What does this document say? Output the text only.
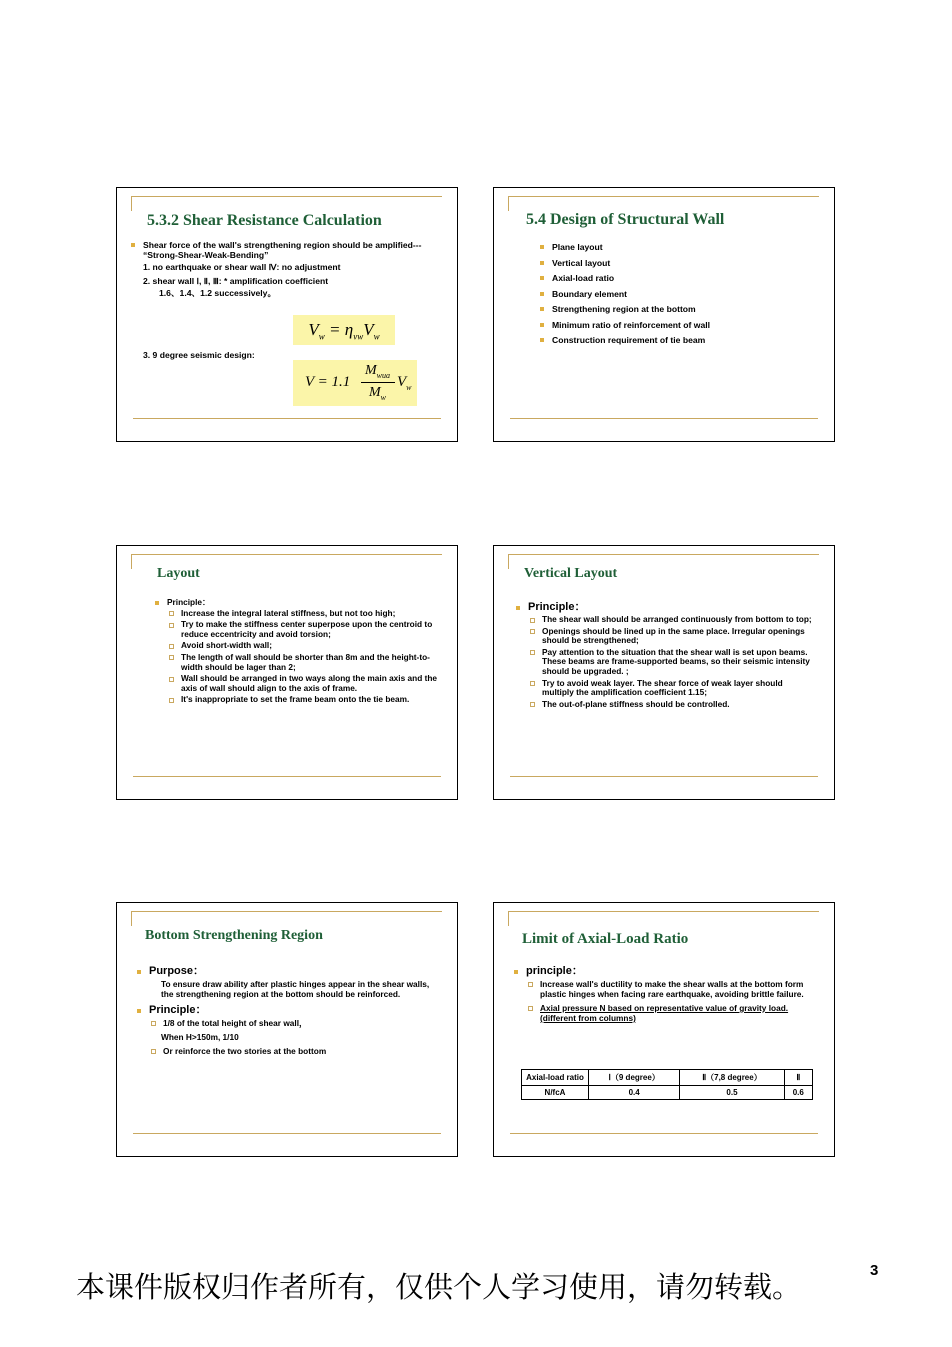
5.3.2 Shear Resistance Calculation
Shear force of the wall's strengthening region should be amplified--- “Strong-Shear-Weak-Bending”
1. no earthquake or shear wall Ⅳ: no adjustment
2. shear wall Ⅰ, Ⅱ, Ⅲ: * amplification coefficient
1.6、1.4、1.2 successively。
$V_w = \eta_{vw}V_w$
3. 9 degree seismic design:
V = 1.1
$M_{wua}$
$M_w$
$V_w$
5.4 Design of Structural Wall
Plane layout
Vertical layout
Axial-load ratio
Boundary element
Strengthening region at the bottom
Minimum ratio of reinforcement of wall
Construction requirement of tie beam
Layout
Principle：
Increase the integral lateral stiffness, but not too high;
Try to make the stiffness center superpose upon the centroid to reduce eccentricity and avoid torsion;
Avoid short-width wall;
The length of wall should be shorter than 8m and the height-to-width should be lager than 2;
Wall should be arranged in two ways along the main axis and the axis of wall should align to the axis of frame.
It's inappropriate to set the frame beam onto the tie beam.
Vertical Layout
Principle：
The shear wall should be arranged continuously from bottom to top;
Openings should be lined up in the same place. Irregular openings should be strengthened;
Pay attention to the situation that the shear wall is set upon beams. These beams are frame-supported beams, so their seismic intensity should be upgraded. ;
Try to avoid weak layer. The shear force of weak layer should multiply the amplification coefficient 1.15;
The out-of-plane stiffness should be controlled.
Bottom Strengthening Region
Purpose：
To ensure draw ability after plastic hinges appear in the shear walls, the strengthening region at the bottom should be reinforced.
Principle：
1/8 of the total height of shear wall，
When H>150m, 1/10
Or reinforce the two stories at the bottom
Limit of Axial-Load Ratio
principle：
Increase wall's ductility to make the shear walls at the bottom form plastic hinges when facing rare earthquake, avoiding brittle failure.
Axial pressure N based on representative value of gravity load. (different from columns)
Axial-load ratio	Ⅰ（9 degree）	Ⅱ（7,8 degree）	Ⅱ
N/fcA	0.4	0.5	0.6
本课件版权归作者所有，仅供个人学习使用，请勿转载。	3
